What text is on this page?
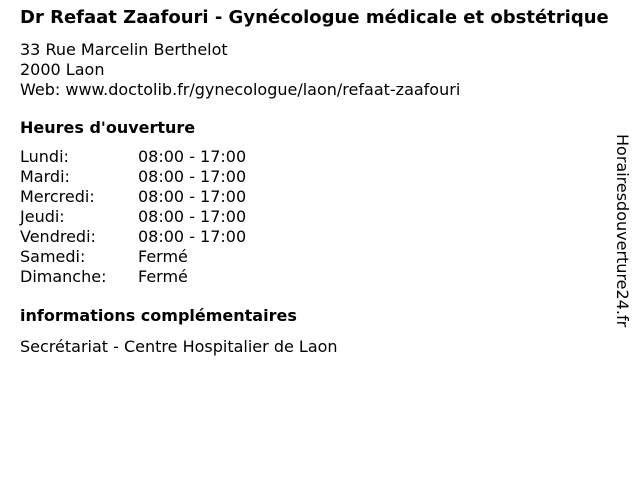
Dr Refaat Zaafouri - Gynécologue médicale et obstétrique
33 Rue Marcelin Berthelot
2000 Laon
Web: www.doctolib.fr/gynecologue/laon/refaat-zaafouri
Heures d'ouverture
Lundi:	08:00 - 17:00
Mardi:	08:00 - 17:00
Mercredi:	08:00 - 17:00
Jeudi:	08:00 - 17:00
Vendredi:	08:00 - 17:00
Samedi:	Fermé
Dimanche:	Fermé
informations complémentaires
Secrétariat - Centre Hospitalier de Laon
Horairesdouverture24.fr
